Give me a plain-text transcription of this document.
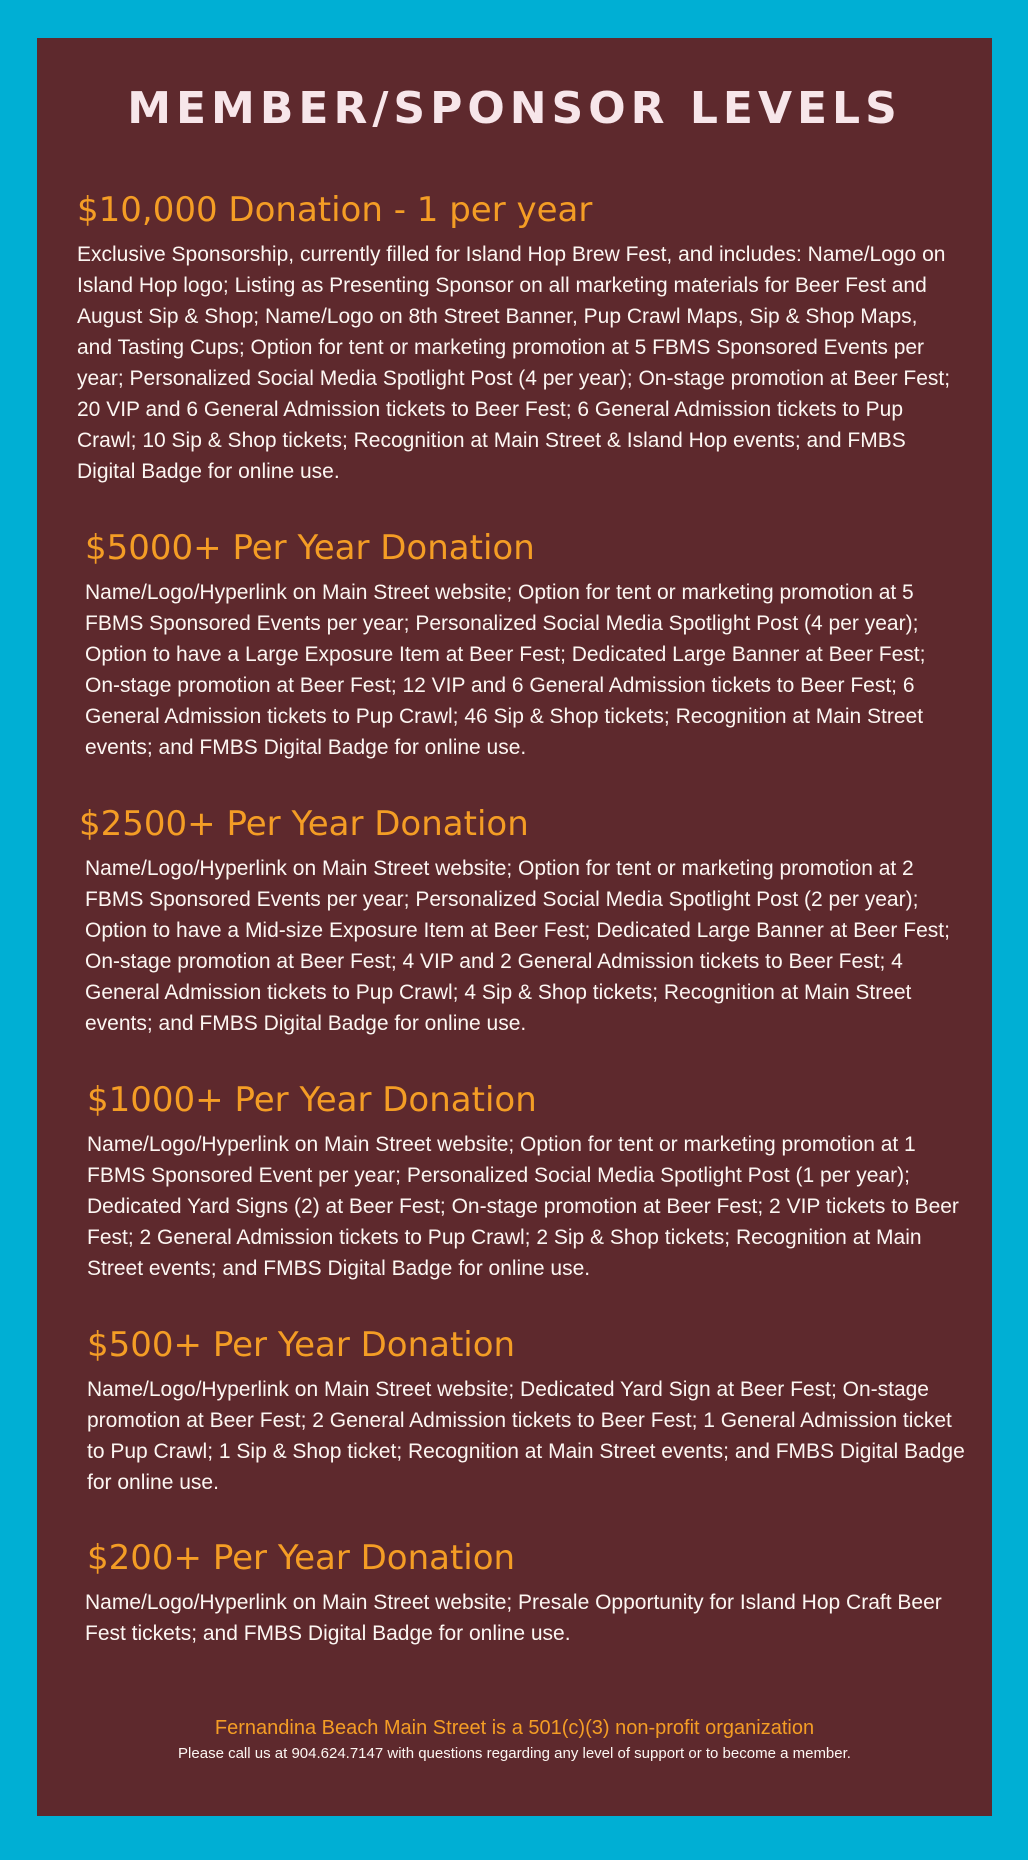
MEMBER/SPONSOR LEVELS
$10,000 Donation - 1 per year

Exclusive Sponsorship, currently filled for Island Hop Brew Fest, and includes: Name/Logo on Island Hop logo; Listing as Presenting Sponsor on all marketing materials for Beer Fest and August Sip & Shop; Name/Logo on 8th Street Banner, Pup Crawl Maps, Sip & Shop Maps, and Tasting Cups; Option for tent or marketing promotion at 5 FBMS Sponsored Events per year; Personalized Social Media Spotlight Post (4 per year); On-stage promotion at Beer Fest; 20 VIP and 6 General Admission tickets to Beer Fest; 6 General Admission tickets to Pup Crawl; 10 Sip & Shop tickets; Recognition at Main Street & Island Hop events; and FMBS Digital Badge for online use.

$5000+ Per Year Donation

Name/Logo/Hyperlink on Main Street website; Option for tent or marketing promotion at 5 FBMS Sponsored Events per year; Personalized Social Media Spotlight Post (4 per year); Option to have a Large Exposure Item at Beer Fest; Dedicated Large Banner at Beer Fest; On-stage promotion at Beer Fest; 12 VIP and 6 General Admission tickets to Beer Fest; 6 General Admission tickets to Pup Crawl; 46 Sip & Shop tickets; Recognition at Main Street events; and FMBS Digital Badge for online use.

$2500+ Per Year Donation

Name/Logo/Hyperlink on Main Street website; Option for tent or marketing promotion at 2 FBMS Sponsored Events per year; Personalized Social Media Spotlight Post (2 per year); Option to have a Mid-size Exposure Item at Beer Fest; Dedicated Large Banner at Beer Fest; On-stage promotion at Beer Fest; 4 VIP and 2 General Admission tickets to Beer Fest; 4 General Admission tickets to Pup Crawl; 4 Sip & Shop tickets; Recognition at Main Street events; and FMBS Digital Badge for online use.

$1000+ Per Year Donation

Name/Logo/Hyperlink on Main Street website; Option for tent or marketing promotion at 1 FBMS Sponsored Event per year; Personalized Social Media Spotlight Post (1 per year); Dedicated Yard Signs (2) at Beer Fest; On-stage promotion at Beer Fest; 2 VIP tickets to Beer Fest; 2 General Admission tickets to Pup Crawl; 2 Sip & Shop tickets; Recognition at Main Street events; and FMBS Digital Badge for online use.

$500+ Per Year Donation

Name/Logo/Hyperlink on Main Street website; Dedicated Yard Sign at Beer Fest; On-stage promotion at Beer Fest; 2 General Admission tickets to Beer Fest; 1 General Admission ticket to Pup Crawl; 1 Sip & Shop ticket; Recognition at Main Street events; and FMBS Digital Badge for online use.

$200+ Per Year Donation

Name/Logo/Hyperlink on Main Street website; Presale Opportunity for Island Hop Craft Beer Fest tickets; and FMBS Digital Badge for online use.

Fernandina Beach Main Street is a 501(c)(3) non-profit organization
Please call us at 904.624.7147 with questions regarding any level of support or to become a member.
